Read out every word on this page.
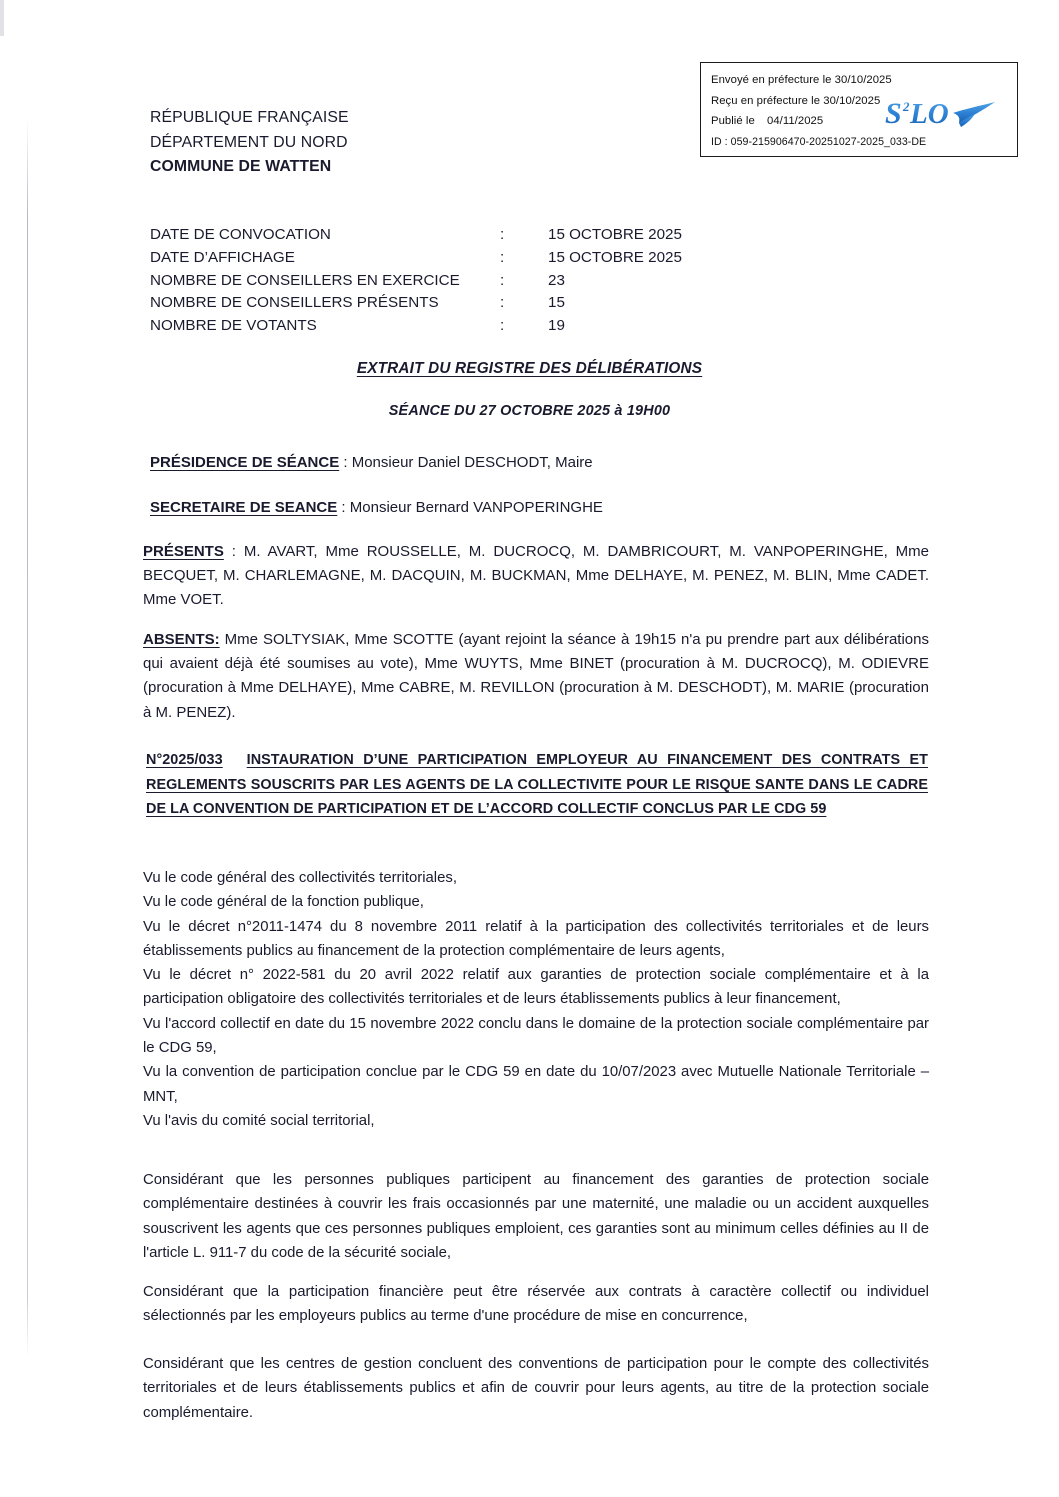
Envoyé en préfecture le 30/10/2025
Reçu en préfecture le 30/10/2025
Publié le 04/11/2025
ID : 059-215906470-20251027-2025_033-DE
S 2 LO
RÉPUBLIQUE FRANÇAISE
DÉPARTEMENT DU NORD
COMMUNE DE WATTEN
DATE DE CONVOCATION	:	15 OCTOBRE 2025
DATE D’AFFICHAGE	:	15 OCTOBRE 2025
NOMBRE DE CONSEILLERS EN EXERCICE	:	23
NOMBRE DE CONSEILLERS PRÉSENTS	:	15
NOMBRE DE VOTANTS	:	19
EXTRAIT DU REGISTRE DES DÉLIBÉRATIONS
SÉANCE DU 27 OCTOBRE 2025 à 19H00
PRÉSIDENCE DE SÉANCE : Monsieur Daniel DESCHODT, Maire
SECRETAIRE DE SEANCE : Monsieur Bernard VANPOPERINGHE
PRÉSENTS : M. AVART, Mme ROUSSELLE, M. DUCROCQ, M. DAMBRICOURT, M. VANPOPERINGHE, Mme BECQUET, M. CHARLEMAGNE, M. DACQUIN, M. BUCKMAN, Mme DELHAYE, M. PENEZ, M. BLIN, Mme CADET. Mme VOET.
ABSENTS: Mme SOLTYSIAK, Mme SCOTTE (ayant rejoint la séance à 19h15 n'a pu prendre part aux délibérations qui avaient déjà été soumises au vote), Mme WUYTS, Mme BINET (procuration à M. DUCROCQ), M. ODIEVRE (procuration à Mme DELHAYE), Mme CABRE, M. REVILLON (procuration à M. DESCHODT), M. MARIE (procuration à M. PENEZ).
N°2025/033 INSTAURATION D’UNE PARTICIPATION EMPLOYEUR AU FINANCEMENT DES CONTRATS ET REGLEMENTS SOUSCRITS PAR LES AGENTS DE LA COLLECTIVITE POUR LE RISQUE SANTE DANS LE CADRE DE LA CONVENTION DE PARTICIPATION ET DE L’ACCORD COLLECTIF CONCLUS PAR LE CDG 59

Vu le code général des collectivités territoriales,

Vu le code général de la fonction publique,

Vu le décret n°2011-1474 du 8 novembre 2011 relatif à la participation des collectivités territoriales et de leurs établissements publics au financement de la protection complémentaire de leurs agents,

Vu le décret n° 2022-581 du 20 avril 2022 relatif aux garanties de protection sociale complémentaire et à la participation obligatoire des collectivités territoriales et de leurs établissements publics à leur financement,

Vu l'accord collectif en date du 15 novembre 2022 conclu dans le domaine de la protection sociale complémentaire par le CDG 59,

Vu la convention de participation conclue par le CDG 59 en date du 10/07/2023 avec Mutuelle Nationale Territoriale – MNT,

Vu l'avis du comité social territorial,

Considérant que les personnes publiques participent au financement des garanties de protection sociale complémentaire destinées à couvrir les frais occasionnés par une maternité, une maladie ou un accident auxquelles souscrivent les agents que ces personnes publiques emploient, ces garanties sont au minimum celles définies au II de l'article L. 911-7 du code de la sécurité sociale,
Considérant que la participation financière peut être réservée aux contrats à caractère collectif ou individuel sélectionnés par les employeurs publics au terme d'une procédure de mise en concurrence,
Considérant que les centres de gestion concluent des conventions de participation pour le compte des collectivités territoriales et de leurs établissements publics et afin de couvrir pour leurs agents, au titre de la protection sociale complémentaire.
